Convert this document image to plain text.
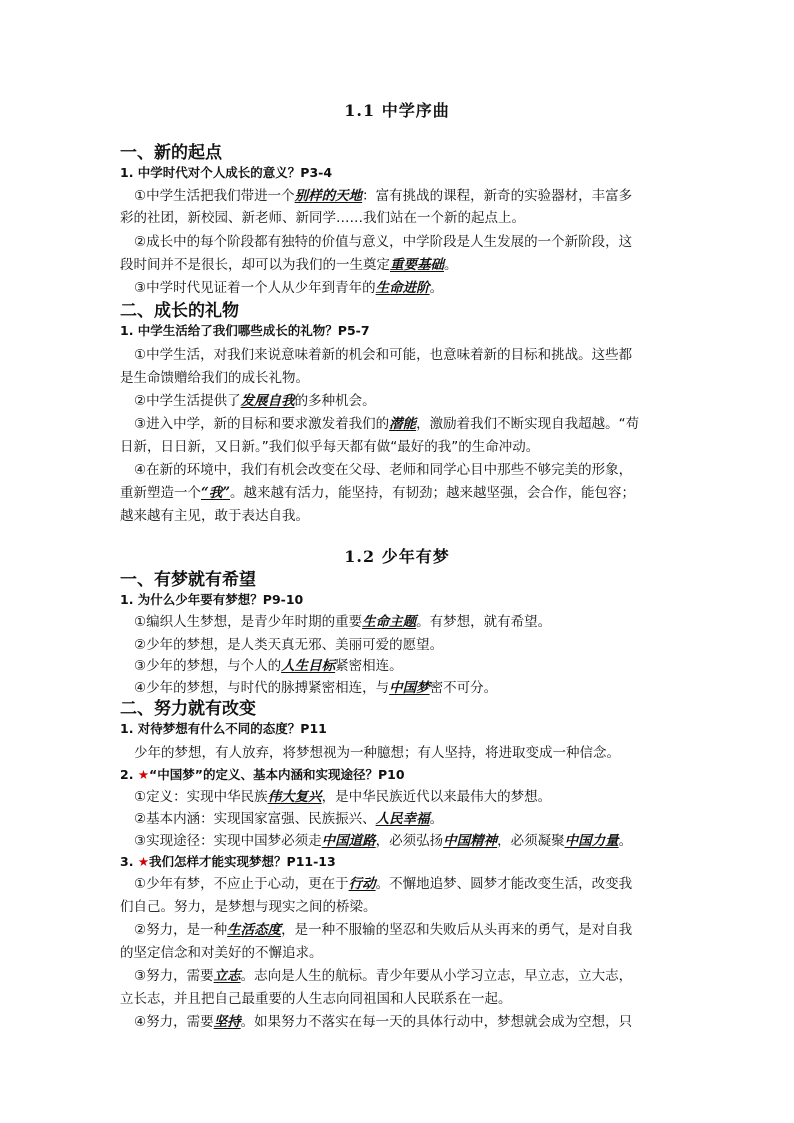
1.1 中学序曲
一、新的起点
1. 中学时代对个人成长的意义？P3-4
①中学生活把我们带进一个别样的天地：富有挑战的课程，新奇的实验器材，丰富多
彩的社团，新校园、新老师、新同学……我们站在一个新的起点上。
②成长中的每个阶段都有独特的价值与意义，中学阶段是人生发展的一个新阶段，这
段时间并不是很长，却可以为我们的一生奠定重要基础。
③中学时代见证着一个人从少年到青年的生命进阶。
二、成长的礼物
1. 中学生活给了我们哪些成长的礼物？P5-7
①中学生活，对我们来说意味着新的机会和可能，也意味着新的目标和挑战。这些都
是生命馈赠给我们的成长礼物。
②中学生活提供了发展自我的多种机会。
③进入中学，新的目标和要求激发着我们的潜能，激励着我们不断实现自我超越。“苟
日新，日日新，又日新。”我们似乎每天都有做“最好的我”的生命冲动。
④在新的环境中，我们有机会改变在父母、老师和同学心目中那些不够完美的形象，
重新塑造一个“我”。越来越有活力，能坚持，有韧劲；越来越坚强，会合作，能包容；
越来越有主见，敢于表达自我。
1.2 少年有梦
一、有梦就有希望
1. 为什么少年要有梦想？P9-10
①编织人生梦想，是青少年时期的重要生命主题。有梦想，就有希望。
②少年的梦想，是人类天真无邪、美丽可爱的愿望。
③少年的梦想，与个人的人生目标紧密相连。
④少年的梦想，与时代的脉搏紧密相连，与中国梦密不可分。
二、努力就有改变
1. 对待梦想有什么不同的态度？P11
少年的梦想，有人放弃，将梦想视为一种臆想；有人坚持，将进取变成一种信念。
2. ★“中国梦”的定义、基本内涵和实现途径？P10
①定义：实现中华民族伟大复兴，是中华民族近代以来最伟大的梦想。
②基本内涵：实现国家富强、民族振兴、人民幸福。
③实现途径：实现中国梦必须走中国道路，必须弘扬中国精神，必须凝聚中国力量。
3. ★我们怎样才能实现梦想？P11-13
①少年有梦，不应止于心动，更在于行动。不懈地追梦、圆梦才能改变生活，改变我
们自己。努力，是梦想与现实之间的桥梁。
②努力，是一种生活态度，是一种不服输的坚忍和失败后从头再来的勇气，是对自我
的坚定信念和对美好的不懈追求。
③努力，需要立志。志向是人生的航标。青少年要从小学习立志，早立志，立大志，
立长志，并且把自己最重要的人生志向同祖国和人民联系在一起。
④努力，需要坚持。如果努力不落实在每一天的具体行动中，梦想就会成为空想，只
